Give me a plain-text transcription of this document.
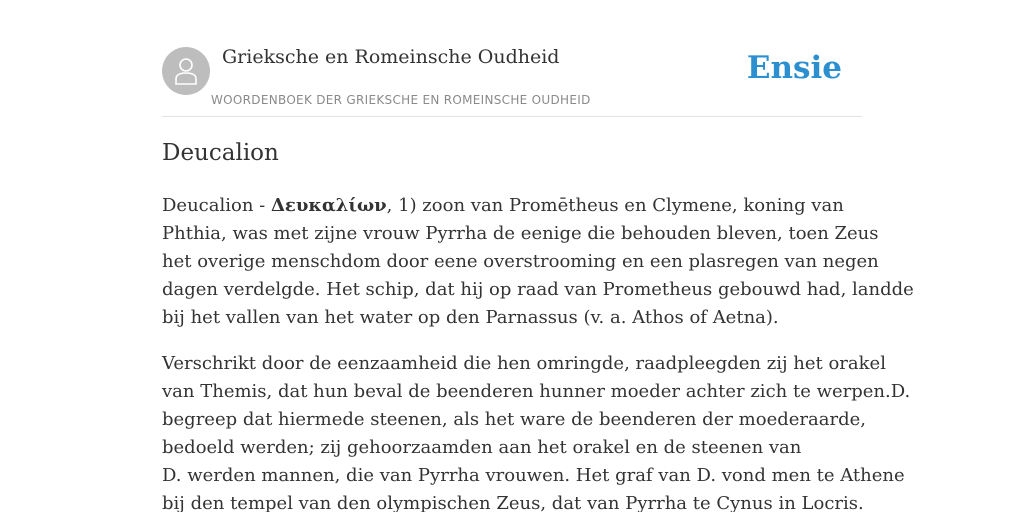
Grieksche en Romeinsche Oudheid
WOORDENBOEK DER GRIEKSCHE EN ROMEINSCHE OUDHEID
Ensie
Deucalion

Deucalion - Δευκαλίων, 1) zoon van Promētheus en Clymene, koning van
Phthia, was met zijne vrouw Pyrrha de eenige die behouden bleven, toen Zeus
het overige menschdom door eene overstrooming en een plasregen van negen
dagen verdelgde. Het schip, dat hij op raad van Prometheus gebouwd had, landde
bij het vallen van het water op den Parnassus (v. a. Athos of Aetna).

Verschrikt door de eenzaamheid die hen omringde, raadpleegden zij het orakel
van Themis, dat hun beval de beenderen hunner moeder achter zich te werpen.D.
begreep dat hiermede steenen, als het ware de beenderen der moederaarde,
bedoeld werden; zij gehoorzaamden aan het orakel en de steenen van
D. werden mannen, die van Pyrrha vrouwen. Het graf van D. vond men te Athene
bij den tempel van den olympischen Zeus, dat van Pyrrha te Cynus in Locris.
